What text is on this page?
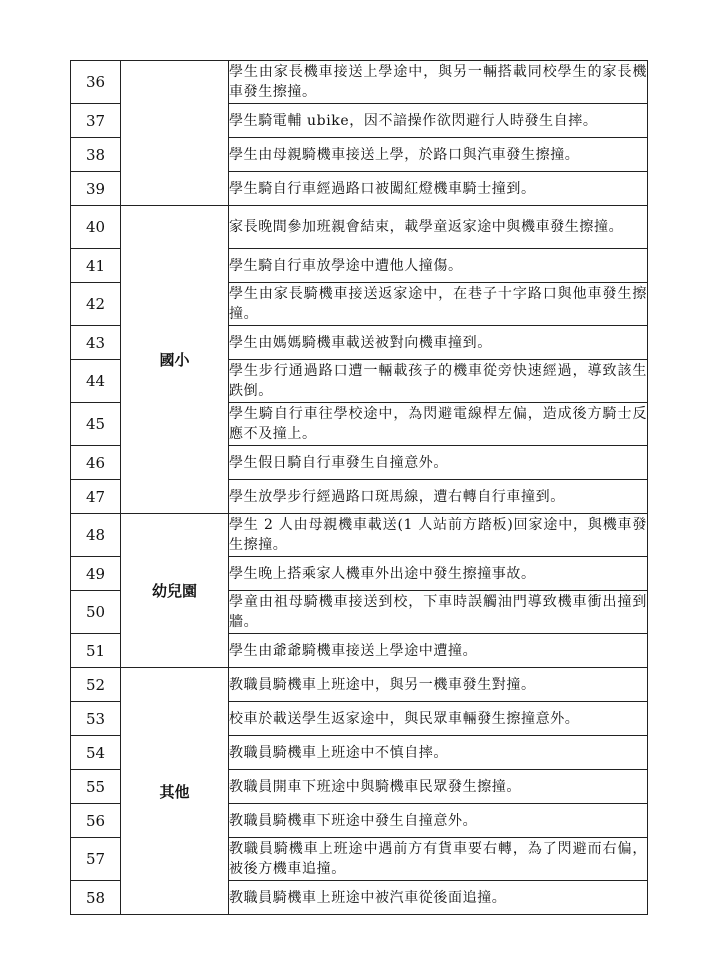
36		學生由家長機車接送上學途中，與另一輛搭載同校學生的家長機車發生擦撞。
37		學生騎電輔 ubike，因不諳操作欲閃避行人時發生自摔。
38		學生由母親騎機車接送上學，於路口與汽車發生擦撞。
39		學生騎自行車經過路口被闖紅燈機車騎士撞到。
40	國小	家長晚間參加班親會結束，載學童返家途中與機車發生擦撞。
41		學生騎自行車放學途中遭他人撞傷。
42		學生由家長騎機車接送返家途中，在巷子十字路口與他車發生擦撞。
43		學生由媽媽騎機車載送被對向機車撞到。
44		學生步行通過路口遭一輛載孩子的機車從旁快速經過，導致該生跌倒。
45		學生騎自行車往學校途中，為閃避電線桿左偏，造成後方騎士反應不及撞上。
46		學生假日騎自行車發生自撞意外。
47		學生放學步行經過路口斑馬線，遭右轉自行車撞到。
48	幼兒園	學生 2 人由母親機車載送(1 人站前方踏板)回家途中，與機車發生擦撞。
49		學生晚上搭乘家人機車外出途中發生擦撞事故。
50		學童由祖母騎機車接送到校，下車時誤觸油門導致機車衝出撞到牆。
51		學生由爺爺騎機車接送上學途中遭撞。
52	其他	教職員騎機車上班途中，與另一機車發生對撞。
53		校車於載送學生返家途中，與民眾車輛發生擦撞意外。
54		教職員騎機車上班途中不慎自摔。
55		教職員開車下班途中與騎機車民眾發生擦撞。
56		教職員騎機車下班途中發生自撞意外。
57		教職員騎機車上班途中遇前方有貨車要右轉，為了閃避而右偏，被後方機車追撞。
58		教職員騎機車上班途中被汽車從後面追撞。
